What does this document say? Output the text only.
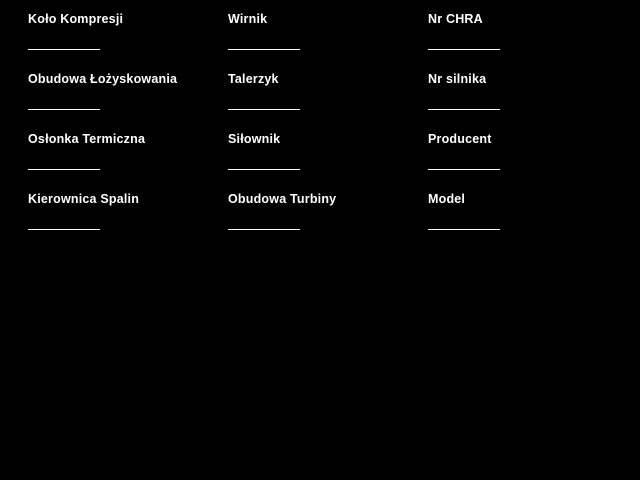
Koło Kompresji	Wirnik	Nr CHRA
Obudowa Łożyskowania	Talerzyk	Nr silnika
Osłonka Termiczna	Siłownik	Producent
Kierownica Spalin	Obudowa Turbiny	Model
